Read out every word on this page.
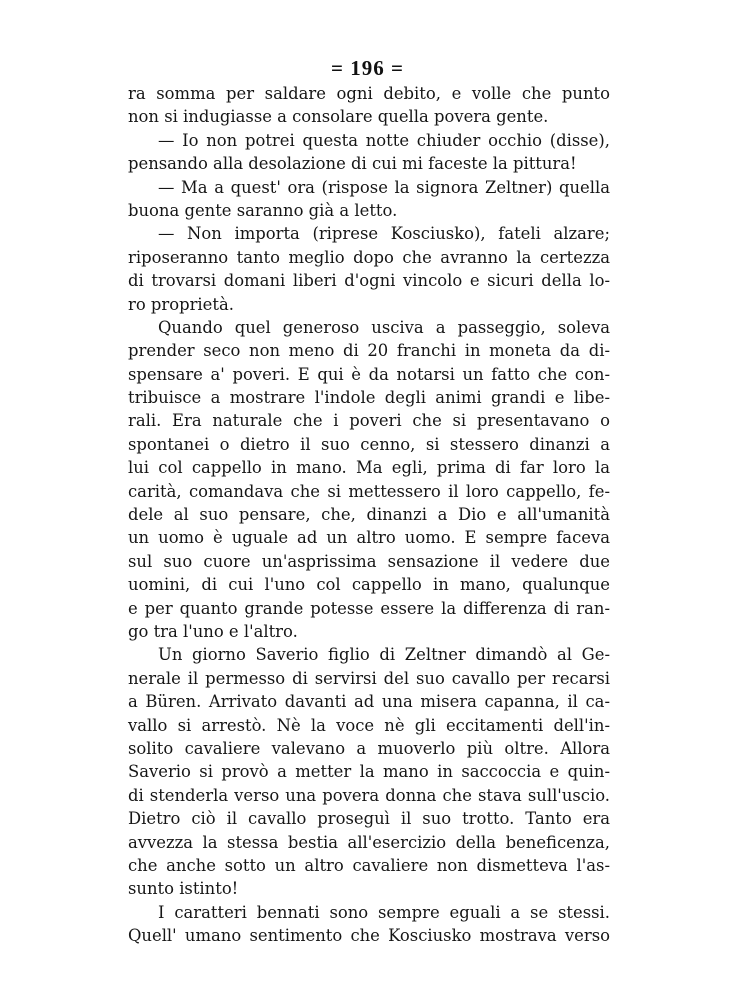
= 196 =
ra somma per saldare ogni debito, e volle che punto
non si indugiasse a consolare quella povera gente.
— Io non potrei questa notte chiuder occhio (disse),
pensando alla desolazione di cui mi faceste la pittura!
— Ma a quest' ora (rispose la signora Zeltner) quella
buona gente saranno già a letto.
— Non importa (riprese Kosciusko), fateli alzare;
riposeranno tanto meglio dopo che avranno la certezza
di trovarsi domani liberi d'ogni vincolo e sicuri della lo-
ro proprietà.
Quando quel generoso usciva a passeggio, soleva
prender seco non meno di 20 franchi in moneta da di-
spensare a' poveri. E qui è da notarsi un fatto che con-
tribuisce a mostrare l'indole degli animi grandi e libe-
rali. Era naturale che i poveri che si presentavano o
spontanei o dietro il suo cenno, si stessero dinanzi a
lui col cappello in mano. Ma egli, prima di far loro la
carità, comandava che si mettessero il loro cappello, fe-
dele al suo pensare, che, dinanzi a Dio e all'umanità
un uomo è uguale ad un altro uomo. E sempre faceva
sul suo cuore un'asprissima sensazione il vedere due
uomini, di cui l'uno col cappello in mano, qualunque
e per quanto grande potesse essere la differenza di ran-
go tra l'uno e l'altro.
Un giorno Saverio figlio di Zeltner dimandò al Ge-
nerale il permesso di servirsi del suo cavallo per recarsi
a Büren. Arrivato davanti ad una misera capanna, il ca-
vallo si arrestò. Nè la voce nè gli eccitamenti dell'in-
solito cavaliere valevano a muoverlo più oltre. Allora
Saverio si provò a metter la mano in saccoccia e quin-
di stenderla verso una povera donna che stava sull'uscio.
Dietro ciò il cavallo proseguì il suo trotto. Tanto era
avvezza la stessa bestia all'esercizio della beneficenza,
che anche sotto un altro cavaliere non dismetteva l'as-
sunto istinto!
I caratteri bennati sono sempre eguali a se stessi.
Quell' umano sentimento che Kosciusko mostrava verso
